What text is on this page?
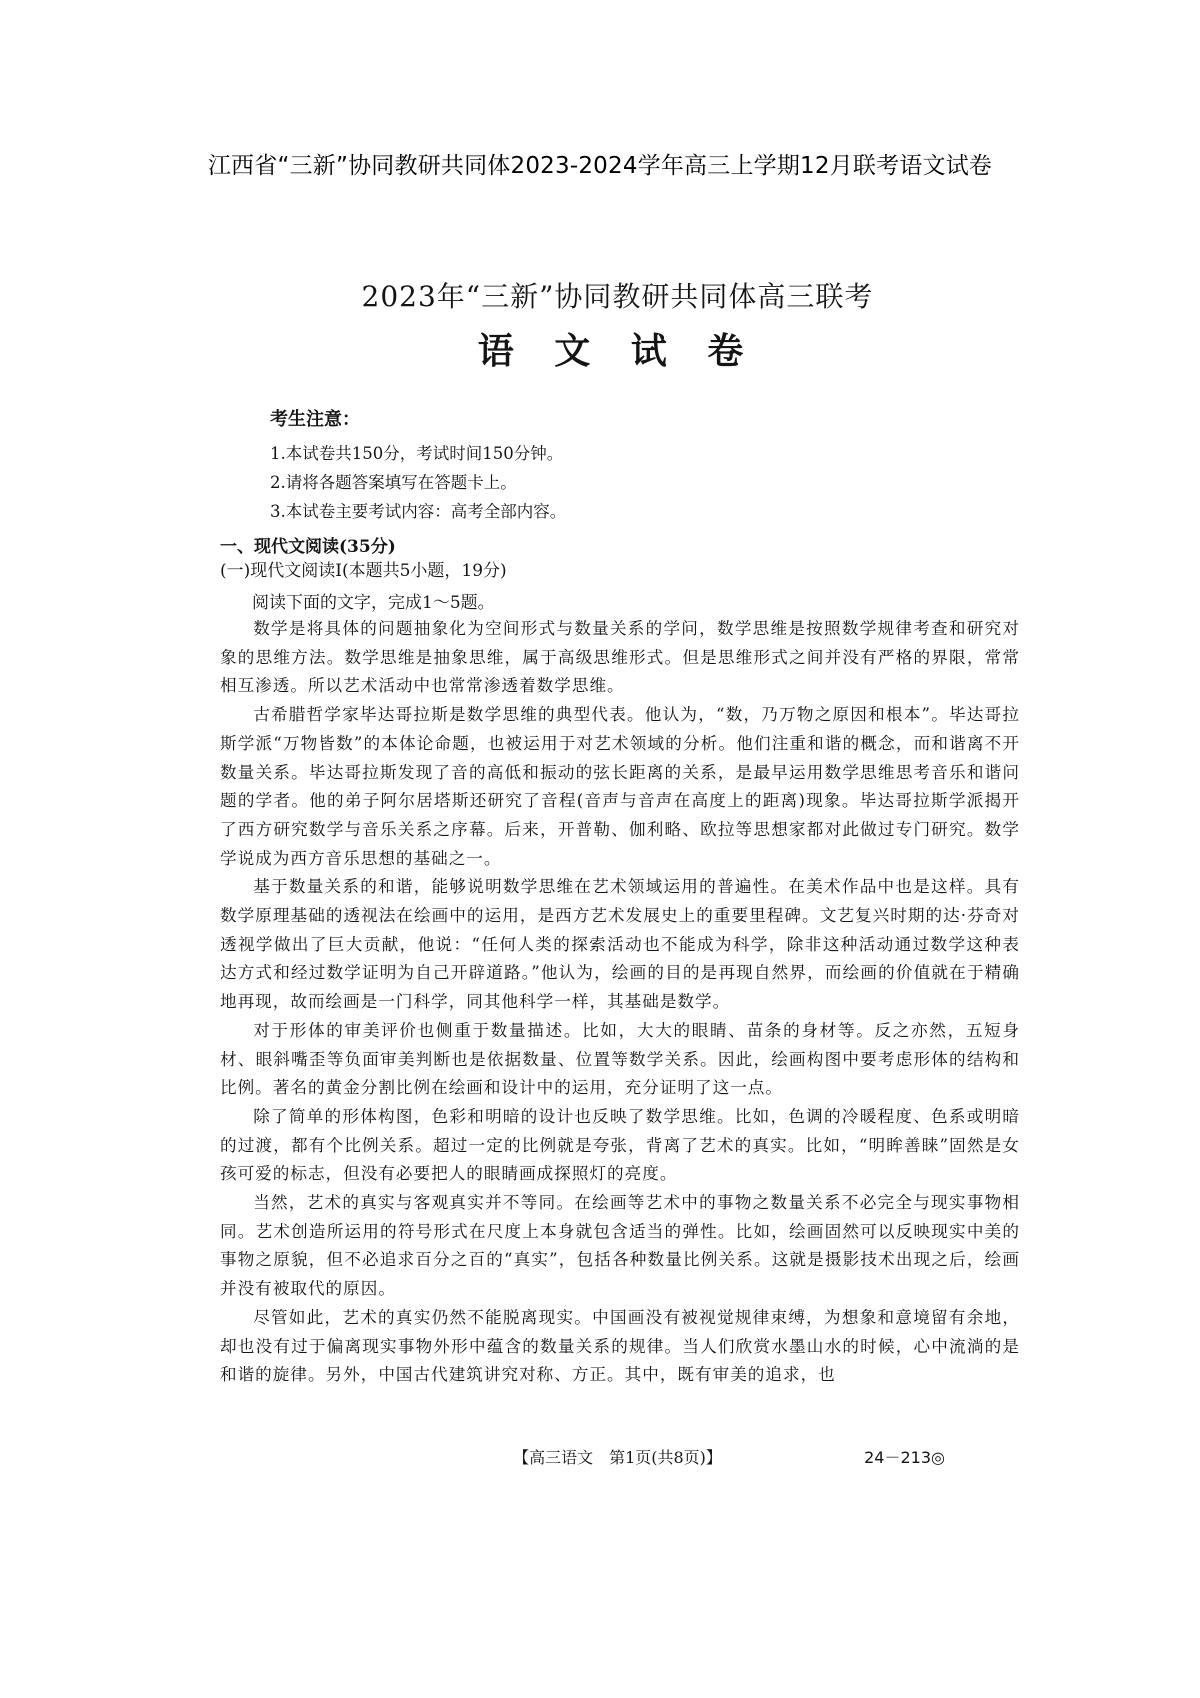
江西省“三新”协同教研共同体2023-2024学年高三上学期12月联考语文试卷
2023年“三新”协同教研共同体高三联考
语 文 试 卷
考生注意：
1.本试卷共150分，考试时间150分钟。
2.请将各题答案填写在答题卡上。
3.本试卷主要考试内容：高考全部内容。
一、现代文阅读(35分)
(一)现代文阅读Ⅰ(本题共5小题，19分)
阅读下面的文字，完成1～5题。

数学是将具体的问题抽象化为空间形式与数量关系的学问，数学思维是按照数学规律考查和研究对象的思维方法。数学思维是抽象思维，属于高级思维形式。但是思维形式之间并没有严格的界限，常常相互渗透。所以艺术活动中也常常渗透着数学思维。

古希腊哲学家毕达哥拉斯是数学思维的典型代表。他认为，“数，乃万物之原因和根本”。毕达哥拉斯学派“万物皆数”的本体论命题，也被运用于对艺术领域的分析。他们注重和谐的概念，而和谐离不开数量关系。毕达哥拉斯发现了音的高低和振动的弦长距离的关系，是最早运用数学思维思考音乐和谐问题的学者。他的弟子阿尔居塔斯还研究了音程(音声与音声在高度上的距离)现象。毕达哥拉斯学派揭开了西方研究数学与音乐关系之序幕。后来，开普勒、伽利略、欧拉等思想家都对此做过专门研究。数学学说成为西方音乐思想的基础之一。

基于数量关系的和谐，能够说明数学思维在艺术领域运用的普遍性。在美术作品中也是这样。具有数学原理基础的透视法在绘画中的运用，是西方艺术发展史上的重要里程碑。文艺复兴时期的达·芬奇对透视学做出了巨大贡献，他说：“任何人类的探索活动也不能成为科学，除非这种活动通过数学这种表达方式和经过数学证明为自己开辟道路。”他认为，绘画的目的是再现自然界，而绘画的价值就在于精确地再现，故而绘画是一门科学，同其他科学一样，其基础是数学。

对于形体的审美评价也侧重于数量描述。比如，大大的眼睛、苗条的身材等。反之亦然，五短身材、眼斜嘴歪等负面审美判断也是依据数量、位置等数学关系。因此，绘画构图中要考虑形体的结构和比例。著名的黄金分割比例在绘画和设计中的运用，充分证明了这一点。

除了简单的形体构图，色彩和明暗的设计也反映了数学思维。比如，色调的冷暖程度、色系或明暗的过渡，都有个比例关系。超过一定的比例就是夸张，背离了艺术的真实。比如，“明眸善睐”固然是女孩可爱的标志，但没有必要把人的眼睛画成探照灯的亮度。

当然，艺术的真实与客观真实并不等同。在绘画等艺术中的事物之数量关系不必完全与现实事物相同。艺术创造所运用的符号形式在尺度上本身就包含适当的弹性。比如，绘画固然可以反映现实中美的事物之原貌，但不必追求百分之百的“真实”，包括各种数量比例关系。这就是摄影技术出现之后，绘画并没有被取代的原因。

尽管如此，艺术的真实仍然不能脱离现实。中国画没有被视觉规律束缚，为想象和意境留有余地，却也没有过于偏离现实事物外形中蕴含的数量关系的规律。当人们欣赏水墨山水的时候，心中流淌的是和谐的旋律。另外，中国古代建筑讲究对称、方正。其中，既有审美的追求，也

【高三语文　第1页(共8页)】	24－213◎
